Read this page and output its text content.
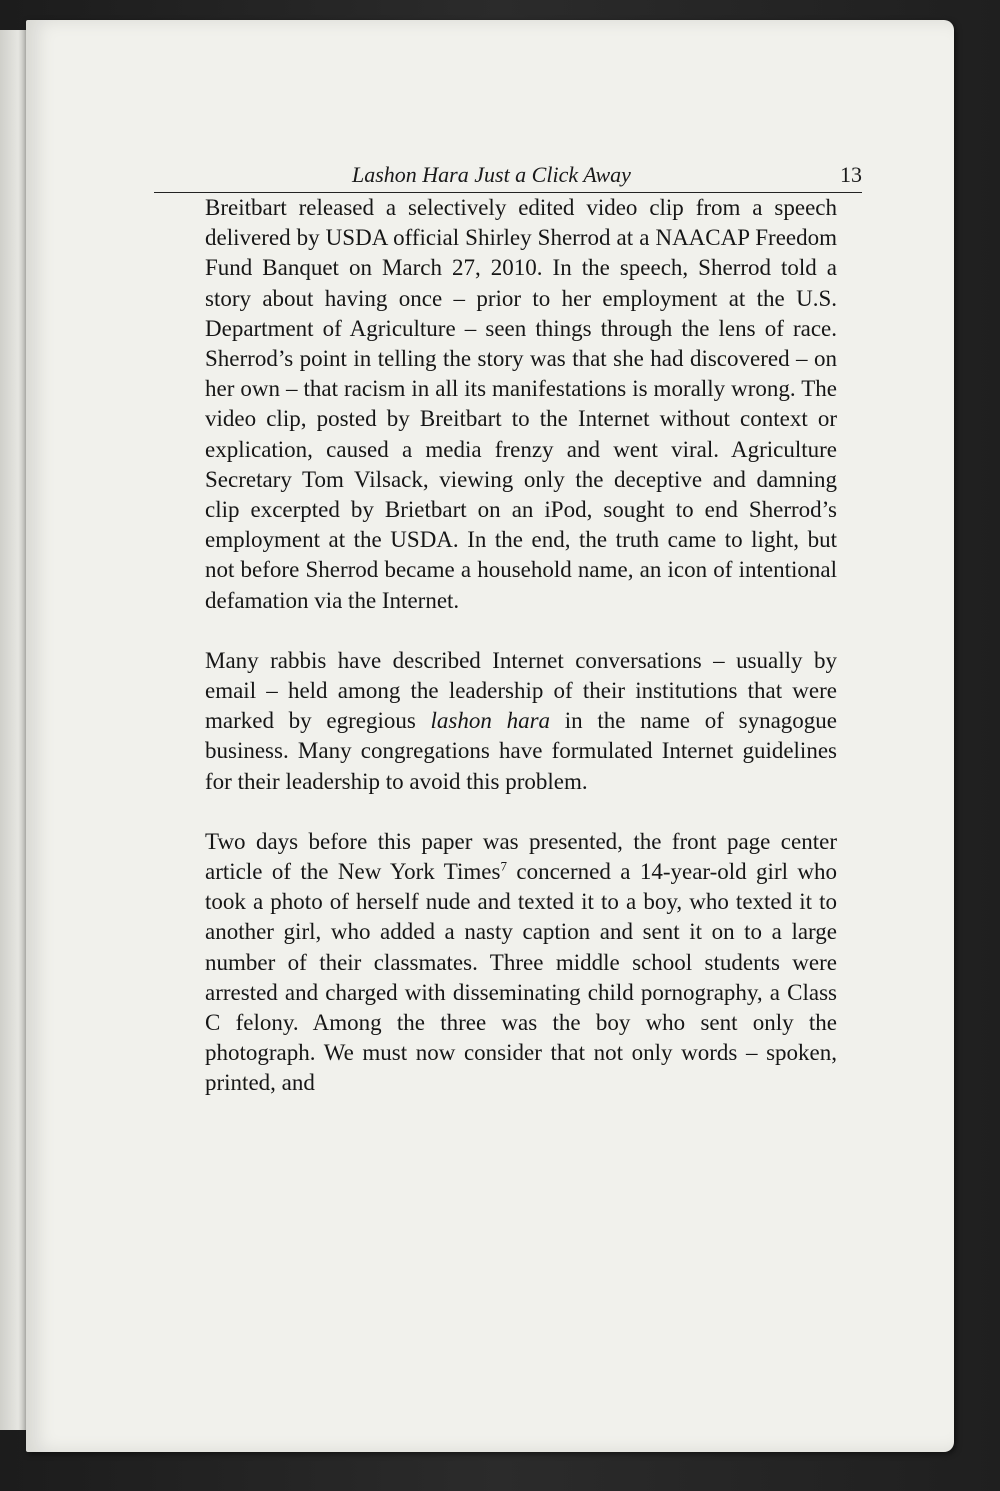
Lashon Hara Just a Click Away	13

Breitbart released a selectively edited video clip from a speech delivered by USDA official Shirley Sherrod at a NAACAP Freedom Fund Banquet on March 27, 2010. In the speech, Sherrod told a story about having once – prior to her employment at the U.S. Department of Agriculture – seen things through the lens of race. Sherrod’s point in telling the story was that she had discovered – on her own – that racism in all its manifestations is morally wrong. The video clip, posted by Breitbart to the Internet without context or explication, caused a media frenzy and went viral. Agriculture Secretary Tom Vilsack, viewing only the deceptive and damning clip excerpted by Brietbart on an iPod, sought to end Sherrod’s employment at the USDA. In the end, the truth came to light, but not before Sherrod became a household name, an icon of intentional defamation via the Internet.

Many rabbis have described Internet conversations – usually by email – held among the leadership of their institutions that were marked by egregious lashon hara in the name of synagogue business. Many congregations have formulated Internet guidelines for their leadership to avoid this problem.

Two days before this paper was presented, the front page center article of the New York Times$^7$ concerned a 14-year-old girl who took a photo of herself nude and texted it to a boy, who texted it to another girl, who added a nasty caption and sent it on to a large number of their classmates. Three middle school students were arrested and charged with disseminating child pornography, a Class C felony. Among the three was the boy who sent only the photograph. We must now consider that not only words – spoken, printed, and
